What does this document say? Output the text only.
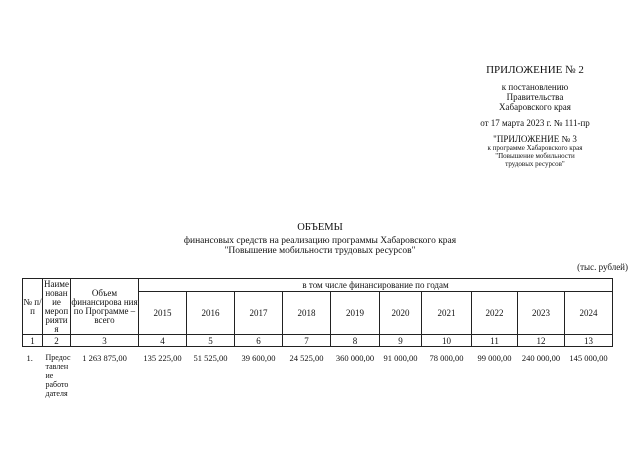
ПРИЛОЖЕНИЕ № 2
к постановлению
Правительства
Хабаровского края
от 17 марта 2023 г. № 111-пр
"ПРИЛОЖЕНИЕ № 3
к программе Хабаровского края
"Повышение мобильности
трудовых ресурсов"
ОБЪЕМЫ
финансовых средств на реализацию программы Хабаровского края
"Повышение мобильности трудовых ресурсов"
(тыс. рублей)
№ п/п	Наиме нован ие мероп рияти я	Объем финансирова ния по Программе – всего	в том числе финансирование по годам									
			2015	2016	2017	2018	2019	2020	2021	2022	2023	2024
1	2	3	4	5	6	7	8	9	10	11	12	13
1.	Предос тавлен ие работо дателя	1 263 875,00	135 225,00	51 525,00	39 600,00	24 525,00	360 000,00	91 000,00	78 000,00	99 000,00	240 000,00	145 000,00
